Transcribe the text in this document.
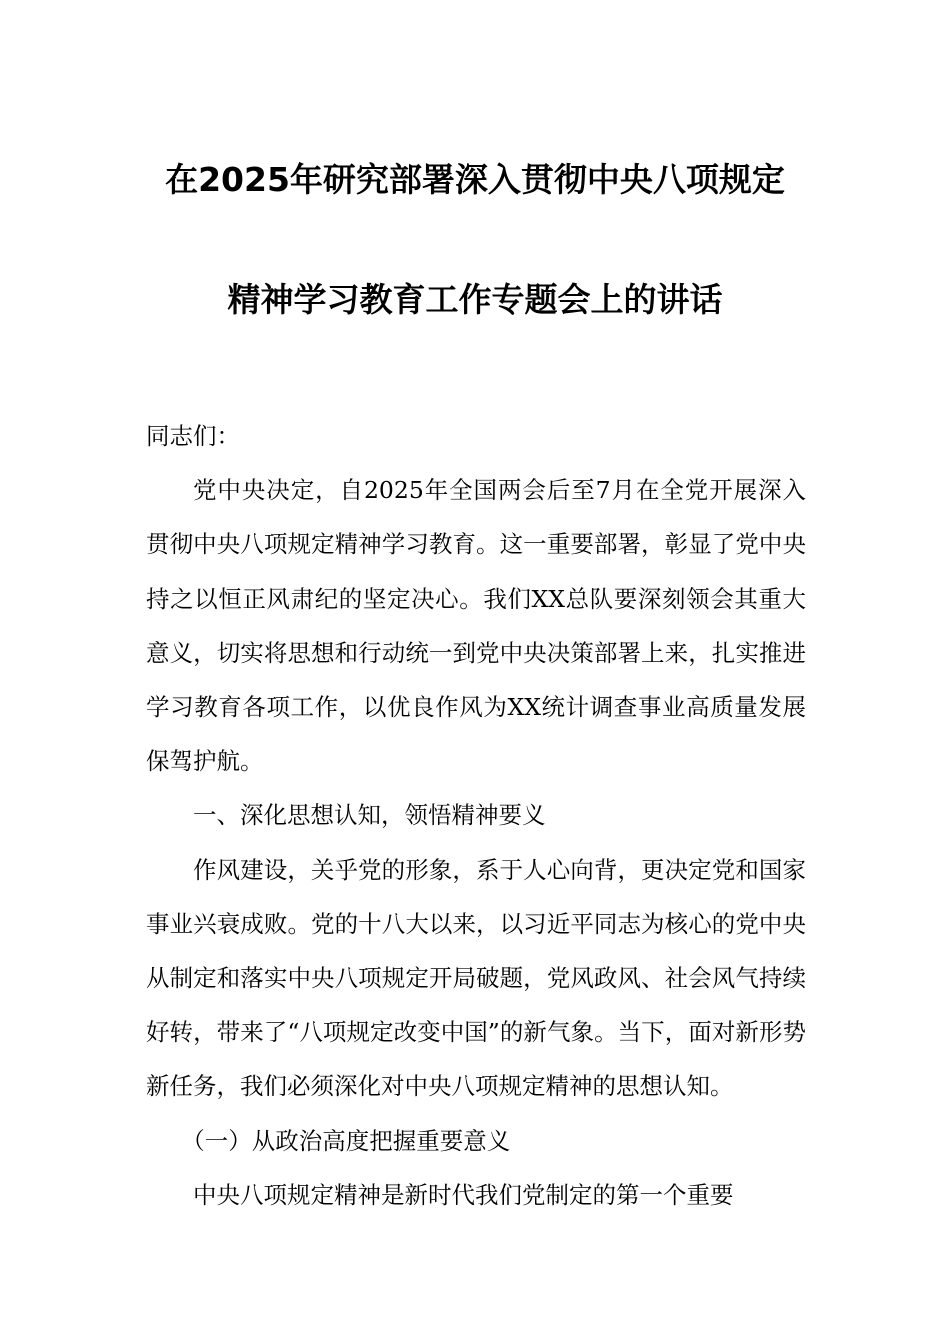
在2025年研究部署深入贯彻中央八项规定
精神学习教育工作专题会上的讲话

同志们：

党中央决定，自2025年全国两会后至7月在全党开展深入贯彻中央八项规定精神学习教育。这一重要部署，彰显了党中央持之以恒正风肃纪的坚定决心。我们XX总队要深刻领会其重大意义，切实将思想和行动统一到党中央决策部署上来，扎实推进学习教育各项工作，以优良作风为XX统计调查事业高质量发展保驾护航。

一、深化思想认知，领悟精神要义

作风建设，关乎党的形象，系于人心向背，更决定党和国家事业兴衰成败。党的十八大以来，以习近平同志为核心的党中央从制定和落实中央八项规定开局破题，党风政风、社会风气持续好转，带来了“八项规定改变中国”的新气象。当下，面对新形势新任务，我们必须深化对中央八项规定精神的思想认知。

（一）从政治高度把握重要意义

中央八项规定精神是新时代我们党制定的第一个重要
